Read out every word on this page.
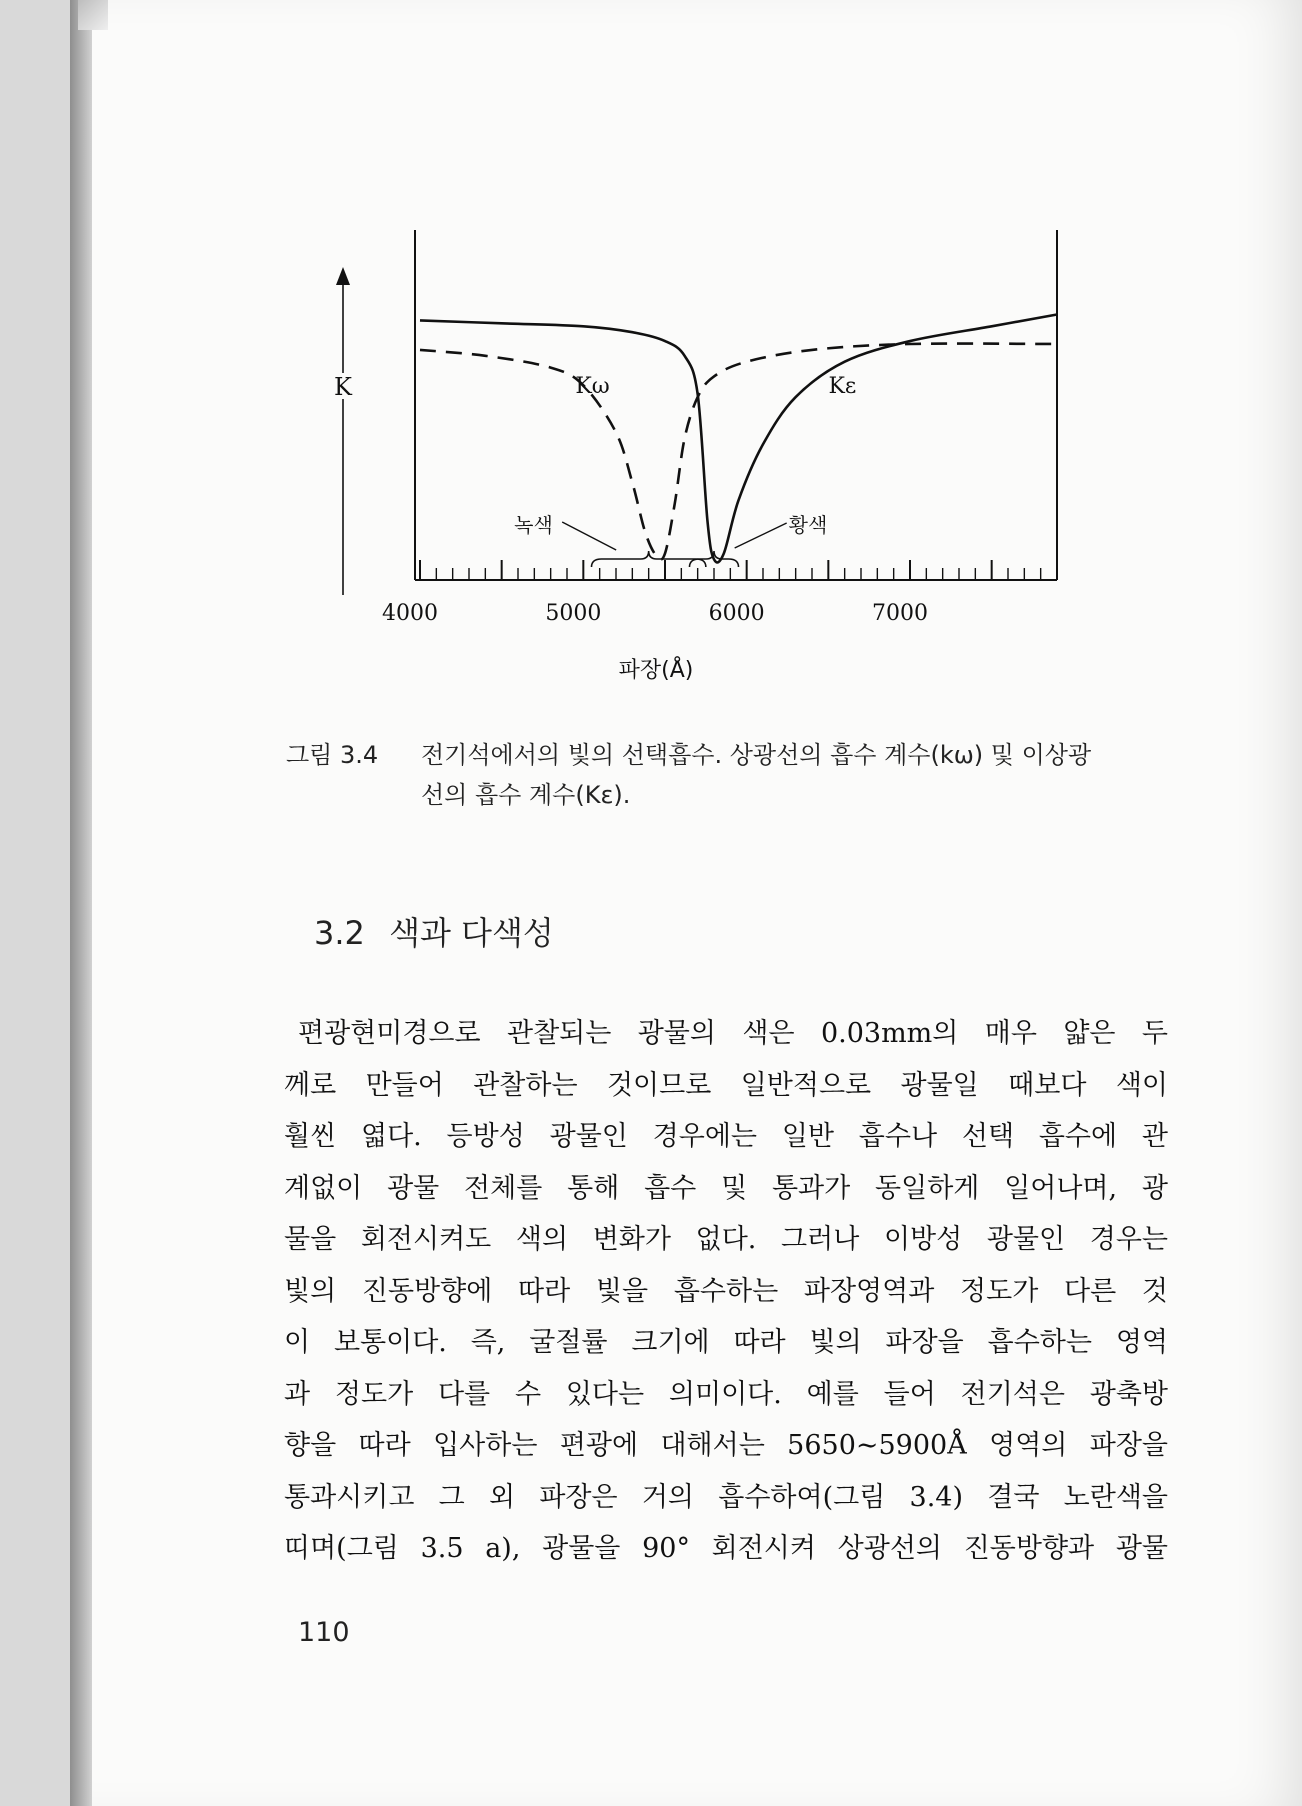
4000	5000	6000	7000
파장(Å)
K	Kω	Kε
녹색	황색
그림 3.4 전기석에서의 빛의 선택흡수. 상광선의 흡수 계수(kω) 및 이상광
선의 흡수 계수(Kε).
3.2 색과 다색성
편광현미경으로 관찰되는 광물의 색은 0.03mm의 매우 얇은 두
께로 만들어 관찰하는 것이므로 일반적으로 광물일 때보다 색이
훨씬 엷다. 등방성 광물인 경우에는 일반 흡수나 선택 흡수에 관
계없이 광물 전체를 통해 흡수 및 통과가 동일하게 일어나며, 광
물을 회전시켜도 색의 변화가 없다. 그러나 이방성 광물인 경우는
빛의 진동방향에 따라 빛을 흡수하는 파장영역과 정도가 다른 것
이 보통이다. 즉, 굴절률 크기에 따라 빛의 파장을 흡수하는 영역
과 정도가 다를 수 있다는 의미이다. 예를 들어 전기석은 광축방
향을 따라 입사하는 편광에 대해서는 5650∼5900Å 영역의 파장을
통과시키고 그 외 파장은 거의 흡수하여(그림 3.4) 결국 노란색을
띠며(그림 3.5 a), 광물을 90° 회전시켜 상광선의 진동방향과 광물
110
